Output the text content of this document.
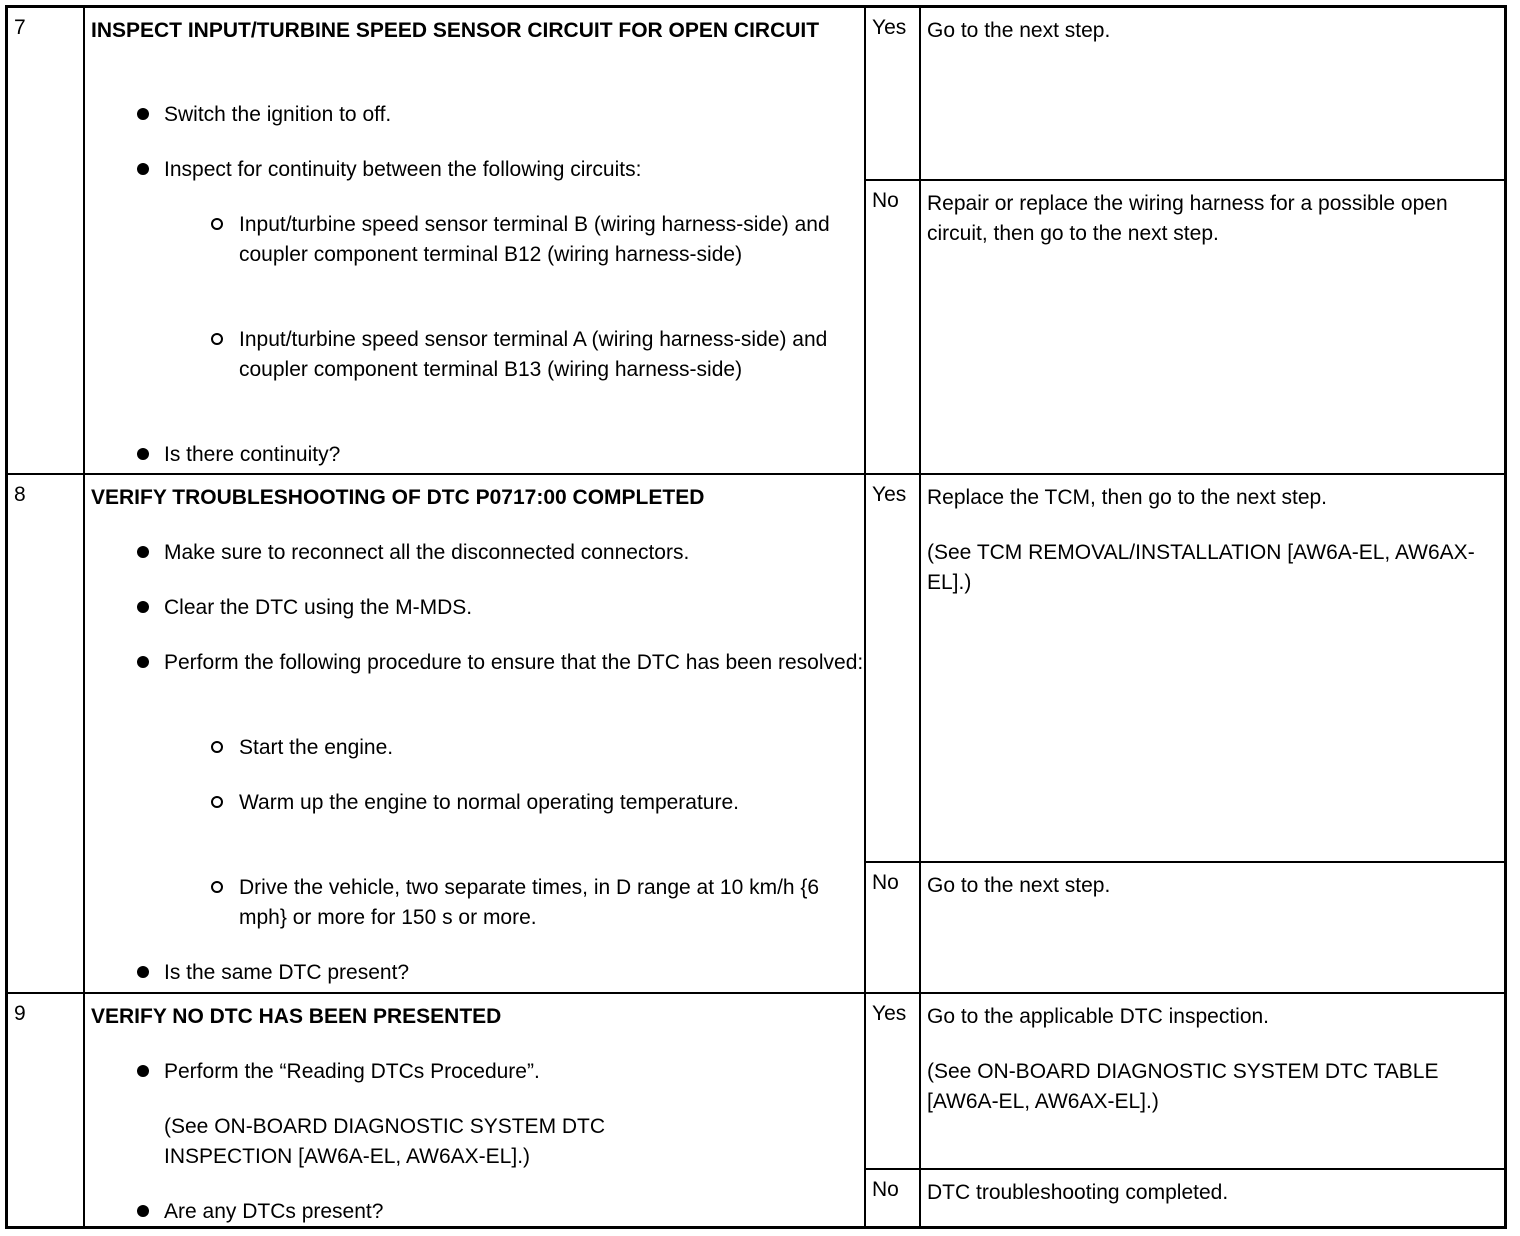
7	INSPECT INPUT/TURBINE SPEED SENSOR CIRCUIT FOR OPEN CIRCUIT
Switch the ignition to off.
Inspect for continuity between the following circuits:
Input/turbine speed sensor terminal B (wiring harness-side) and coupler component terminal B12 (wiring harness-side)
Input/turbine speed sensor terminal A (wiring harness-side) and coupler component terminal B13 (wiring harness-side)
Is there continuity?
Yes Go to the next step.

No	Repair or replace the wiring harness for a possible open circuit, then go to the next step.

8	VERIFY TROUBLESHOOTING OF DTC P0717:00 COMPLETED
Make sure to reconnect all the disconnected connectors.
Clear the DTC using the M-MDS.
Perform the following procedure to ensure that the DTC has been resolved:
Start the engine.
Warm up the engine to normal operating temperature.
Drive the vehicle, two separate times, in D range at 10 km/h {6 mph} or more for 150 s or more.
Is the same DTC present?
Yes Replace the TCM, then go to the next step.

(See TCM REMOVAL/INSTALLATION [AW6A-EL, AW6AX-EL].)

No	Go to the next step.

9	VERIFY NO DTC HAS BEEN PRESENTED
Perform the “Reading DTCs Procedure”.
(See ON-BOARD DIAGNOSTIC SYSTEM DTC INSPECTION [AW6A-EL, AW6AX-EL].)
Are any DTCs present?
Yes Go to the applicable DTC inspection.

(See ON-BOARD DIAGNOSTIC SYSTEM DTC TABLE [AW6A-EL, AW6AX-EL].)

No	DTC troubleshooting completed.
